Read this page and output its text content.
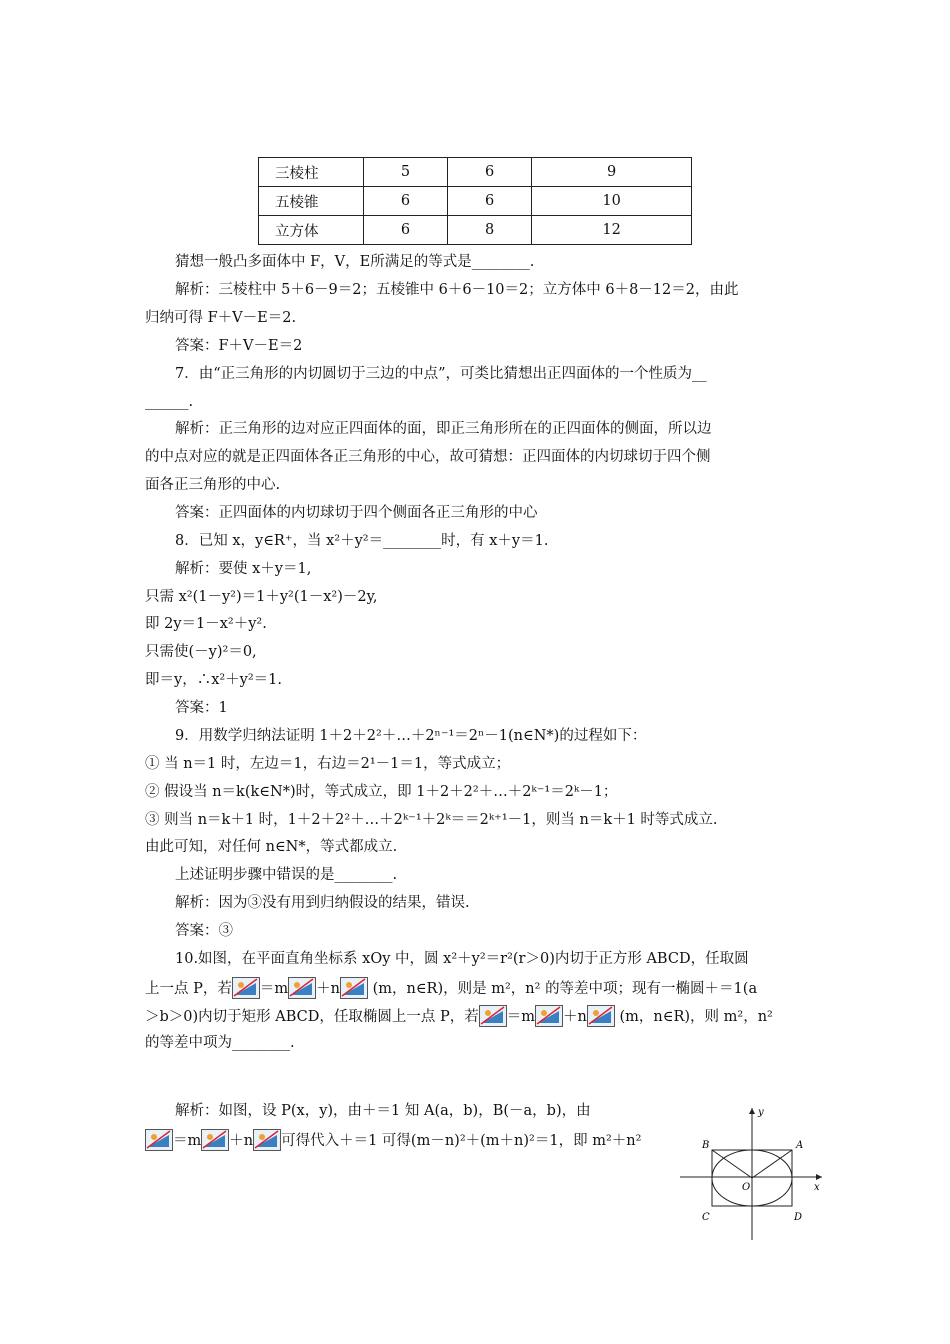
三棱柱	5	6	9
五棱锥	6	6	10
立方体	6	8	12
猜想一般凸多面体中 F，V，E所满足的等式是________.
解析：三棱柱中 5＋6－9＝2；五棱锥中 6＋6－10＝2；立方体中 6＋8－12＝2，由此
归纳可得 F＋V－E＝2.
答案：F＋V－E＝2
7．由“正三角形的内切圆切于三边的中点”，可类比猜想出正四面体的一个性质为__
______.
解析：正三角形的边对应正四面体的面，即正三角形所在的正四面体的侧面，所以边
的中点对应的就是正四面体各正三角形的中心，故可猜想：正四面体的内切球切于四个侧
面各正三角形的中心.
答案：正四面体的内切球切于四个侧面各正三角形的中心
8．已知 x，y∈R⁺，当 x²＋y²＝________时，有 x＋y＝1.
解析：要使 x＋y＝1,
只需 x²(1－y²)＝1＋y²(1－x²)－2y,
即 2y＝1－x²＋y².
只需使(－y)²＝0,
即＝y，∴x²＋y²＝1.
答案：1
9．用数学归纳法证明 1＋2＋2²＋…＋2ⁿ⁻¹＝2ⁿ－1(n∈N*)的过程如下：
① 当 n＝1 时，左边＝1，右边＝2¹－1＝1，等式成立；
② 假设当 n＝k(k∈N*)时，等式成立，即 1＋2＋2²＋…＋2ᵏ⁻¹＝2ᵏ－1；
③ 则当 n＝k＋1 时，1＋2＋2²＋…＋2ᵏ⁻¹＋2ᵏ＝＝2ᵏ⁺¹－1，则当 n＝k＋1 时等式成立.
由此可知，对任何 n∈N*，等式都成立.
上述证明步骤中错误的是________.
解析：因为③没有用到归纳假设的结果，错误.
答案：③
10.如图，在平面直角坐标系 xOy 中，圆 x²＋y²＝r²(r＞0)内切于正方形 ABCD，任取圆
上一点 P，若 ＝m ＋n (m，n∈R)，则是 m²，n² 的等差中项；现有一椭圆＋＝1(a
＞b＞0)内切于矩形 ABCD，任取椭圆上一点 P，若 ＝m ＋n (m，n∈R)，则 m²，n²
的等差中项为________.
解析：如图，设 P(x，y)，由＋＝1 知 A(a，b)，B(－a，b)，由
＝m ＋n 可得代入＋＝1 可得(m－n)²＋(m＋n)²＝1，即 m²＋n²
y
B	A
O	x
C	D
